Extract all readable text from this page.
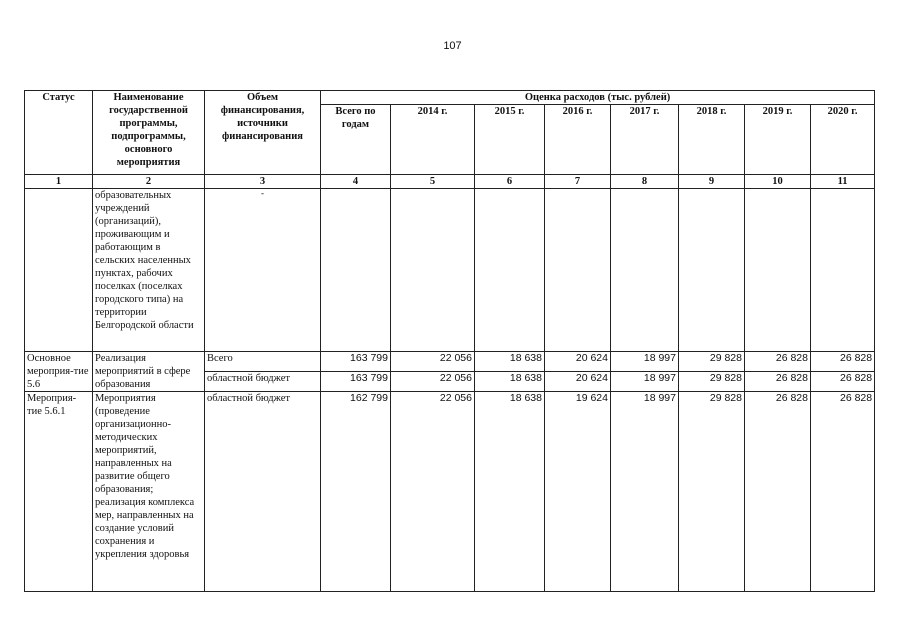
107
Статус	Наименование государственной программы, подпрограммы, основного мероприятия	Объем финансирования, источники финансирования	Оценка расходов (тыс. рублей)							
			Всего по годам	2014 г.	2015 г.	2016 г.	2017 г.	2018 г.	2019 г.	2020 г.
1	2	3	4	5	6	7	8	9	10	11
	образовательных учреждений (организаций), проживающим и работающим в сельских населенных пунктах, рабочих поселках (поселках городского типа) на территории Белгородской области	-								

Основное мероприя-тие 5.6	Реализация мероприятий в сфере образования	Всего	163 799	22 056	18 638	20 624	18 997	29 828	26 828	26 828
		областной бюджет	163 799	22 056	18 638	20 624	18 997	29 828	26 828	26 828
Мероприя-тие 5.6.1	Мероприятия (проведение организационно-методических мероприятий, направленных на развитие общего образования; реализация комплекса мер, направленных на создание условий сохранения и укрепления здоровья	областной бюджет	162 799	22 056	18 638	19 624	18 997	29 828	26 828	26 828
